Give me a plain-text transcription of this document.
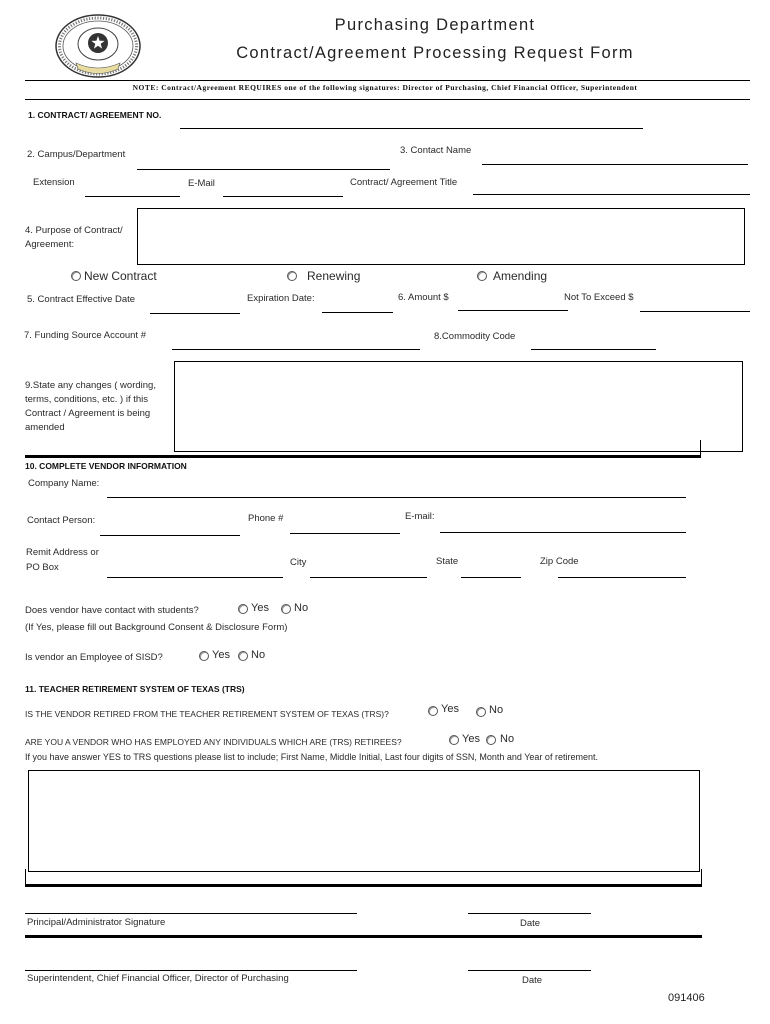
Purchasing Department
Contract/Agreement Processing Request Form
NOTE: Contract/Agreement REQUIRES one of the following signatures: Director of Purchasing, Chief Financial Officer, Superintendent
1. CONTRACT/ AGREEMENT NO.
2. Campus/Department	3. Contact Name
Extension	E-Mail	Contract/ Agreement Title
4. Purpose of Contract/
Agreement:
New Contract	Renewing	Amending
5. Contract Effective Date	Expiration Date:	6. Amount $	Not To Exceed $
7. Funding Source Account #	8.Commodity Code
9.State any changes ( wording,
terms, conditions, etc. ) if this
Contract / Agreement is being
amended
10. COMPLETE VENDOR INFORMATION
Company Name:
Contact Person:	Phone #	E-mail:
Remit Address or
PO Box	City	State	Zip Code
Does vendor have contact with students?	Yes No
(If Yes, please fill out Background Consent & Disclosure Form)
Is vendor an Employee of SISD?	Yes No
11. TEACHER RETIREMENT SYSTEM OF TEXAS (TRS)
IS THE VENDOR RETIRED FROM THE TEACHER RETIREMENT SYSTEM OF TEXAS (TRS)?	Yes	No
ARE YOU A VENDOR WHO HAS EMPLOYED ANY INDIVIDUALS WHICH ARE (TRS) RETIREES?	Yes No
If you have answer YES to TRS questions please list to include; First Name, Middle Initial, Last four digits of SSN, Month and Year of retirement.
Principal/Administrator Signature	Date
Superintendent, Chief Financial Officer, Director of Purchasing	Date
091406
